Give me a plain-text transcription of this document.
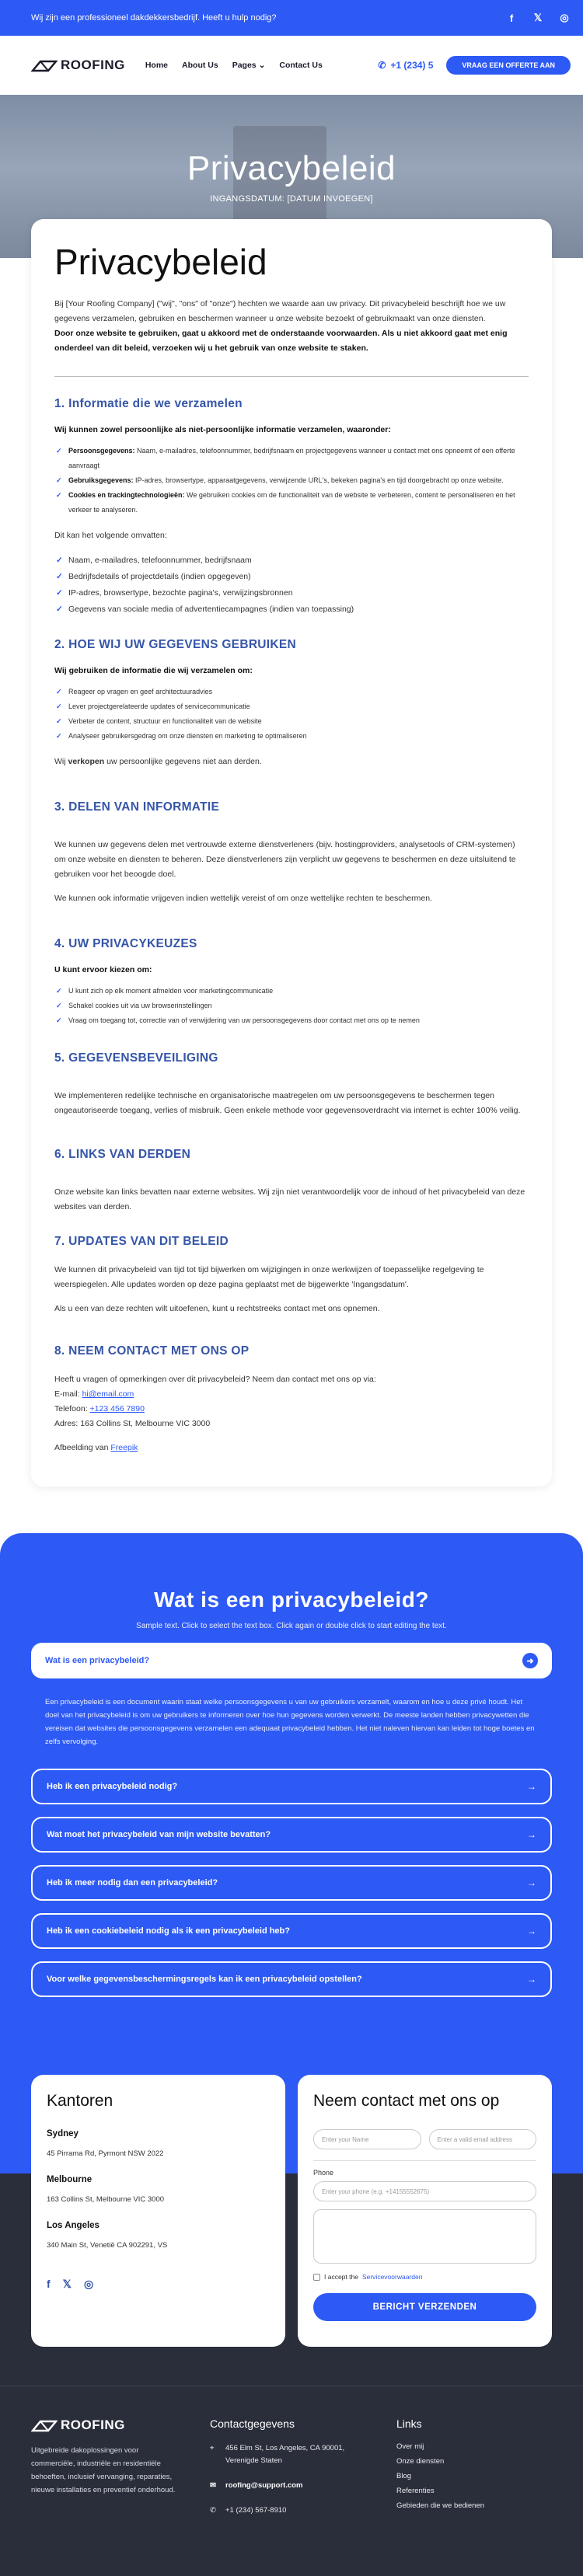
Wij zijn een professioneel dakdekkersbedrijf. Heeft u hulp nodig?	f	𝕏 ◎
ROOFING Home About Us Pages ⌄ Contact Us	✆ +1 (234) 5	VRAAG EEN OFFERTE AAN
Privacybeleid

INGANGSDATUM: [DATUM INVOEGEN]

Privacybeleid

Bij [Your Roofing Company] ("wij", "ons" of "onze") hechten we waarde aan uw privacy. Dit privacybeleid beschrijft hoe we uw gegevens verzamelen, gebruiken en beschermen wanneer u onze website bezoekt of gebruikmaakt van onze diensten.

Door onze website te gebruiken, gaat u akkoord met de onderstaande voorwaarden. Als u niet akkoord gaat met enig onderdeel van dit beleid, verzoeken wij u het gebruik van onze website te staken.

1. Informatie die we verzamelen
Wij kunnen zowel persoonlijke als niet-persoonlijke informatie verzamelen, waaronder:
✓ Persoonsgegevens: Naam, e-mailadres, telefoonnummer, bedrijfsnaam en projectgegevens wanneer u contact met ons opneemt of een offerte aanvraagt
✓ Gebruiksgegevens: IP-adres, browsertype, apparaatgegevens, verwijzende URL's, bekeken pagina's en tijd doorgebracht op onze website.
✓ Cookies en trackingtechnologieën: We gebruiken cookies om de functionaliteit van de website te verbeteren, content te personaliseren en het verkeer te analyseren.

Dit kan het volgende omvatten:

✓ Naam, e-mailadres, telefoonnummer, bedrijfsnaam
✓ Bedrijfsdetails of projectdetails (indien opgegeven)
✓ IP-adres, browsertype, bezochte pagina's, verwijzingsbronnen
✓ Gegevens van sociale media of advertentiecampagnes (indien van toepassing)
2. HOE WIJ UW GEGEVENS GEBRUIKEN
Wij gebruiken de informatie die wij verzamelen om:
✓ Reageer op vragen en geef architectuuradvies
✓ Lever projectgerelateerde updates of servicecommunicatie
✓ Verbeter de content, structuur en functionaliteit van de website
✓ Analyseer gebruikersgedrag om onze diensten en marketing te optimaliseren

Wij verkopen uw persoonlijke gegevens niet aan derden.

3. DELEN VAN INFORMATIE

We kunnen uw gegevens delen met vertrouwde externe dienstverleners (bijv. hostingproviders, analysetools of CRM-systemen) om onze website en diensten te beheren. Deze dienstverleners zijn verplicht uw gegevens te beschermen en deze uitsluitend te gebruiken voor het beoogde doel.

We kunnen ook informatie vrijgeven indien wettelijk vereist of om onze wettelijke rechten te beschermen.

4. UW PRIVACYKEUZES
U kunt ervoor kiezen om:
✓ U kunt zich op elk moment afmelden voor marketingcommunicatie
✓ Schakel cookies uit via uw browserinstellingen
✓ Vraag om toegang tot, correctie van of verwijdering van uw persoonsgegevens door contact met ons op te nemen
5. GEGEVENSBEVEILIGING

We implementeren redelijke technische en organisatorische maatregelen om uw persoonsgegevens te beschermen tegen ongeautoriseerde toegang, verlies of misbruik. Geen enkele methode voor gegevensoverdracht via internet is echter 100% veilig.

6. LINKS VAN DERDEN

Onze website kan links bevatten naar externe websites. Wij zijn niet verantwoordelijk voor de inhoud of het privacybeleid van deze websites van derden.

7. UPDATES VAN DIT BELEID

We kunnen dit privacybeleid van tijd tot tijd bijwerken om wijzigingen in onze werkwijzen of toepasselijke regelgeving te weerspiegelen. Alle updates worden op deze pagina geplaatst met de bijgewerkte 'Ingangsdatum'.

Als u een van deze rechten wilt uitoefenen, kunt u rechtstreeks contact met ons opnemen.

8. NEEM CONTACT MET ONS OP

Heeft u vragen of opmerkingen over dit privacybeleid? Neem dan contact met ons op via:

E-mail: hi@email.com

Telefoon: +123 456 7890

Adres: 163 Collins St, Melbourne VIC 3000

Afbeelding van Freepik

Wat is een privacybeleid?
Sample text. Click to select the text box. Click again or double click to start editing the text.
Wat is een privacybeleid?	➜
Een privacybeleid is een document waarin staat welke persoonsgegevens u van uw gebruikers verzamelt, waarom en hoe u deze privé houdt. Het doel van het privacybeleid is om uw gebruikers te informeren over hoe hun gegevens worden verwerkt. De meeste landen hebben privacywetten die vereisen dat websites die persoonsgegevens verzamelen een adequaat privacybeleid hebben. Het niet naleven hiervan kan leiden tot hoge boetes en zelfs vervolging.
Heb ik een privacybeleid nodig?	→
Wat moet het privacybeleid van mijn website bevatten?	→
Heb ik meer nodig dan een privacybeleid?	→
Heb ik een cookiebeleid nodig als ik een privacybeleid heb?	→
Voor welke gegevensbeschermingsregels kan ik een privacybeleid opstellen?	→
Kantoren
Sydney
45 Pirrama Rd, Pyrmont NSW 2022
Melbourne
163 Collins St, Melbourne VIC 3000
Los Angeles
340 Main St, Venetië CA 902291, VS
f 𝕏 ◎
Neem contact met ons op
Enter your Name	Enter a valid email address
Phone
Enter your phone (e.g. +14155552675)
I accept the Servicevoorwaarden
BERICHT VERZENDEN
ROOFING
Uitgebreide dakoplossingen voor commerciële, industriële en residentiële behoeften, inclusief vervanging, reparaties, nieuwe installaties en preventief onderhoud.
Contactgegevens
⌖	456 Elm St, Los Angeles, CA 90001, Verenigde Staten
✉	roofing@support.com
✆	+1 (234) 567-8910
Links
Over mij
Onze diensten
Blog
Referenties
Gebieden die we bedienen
